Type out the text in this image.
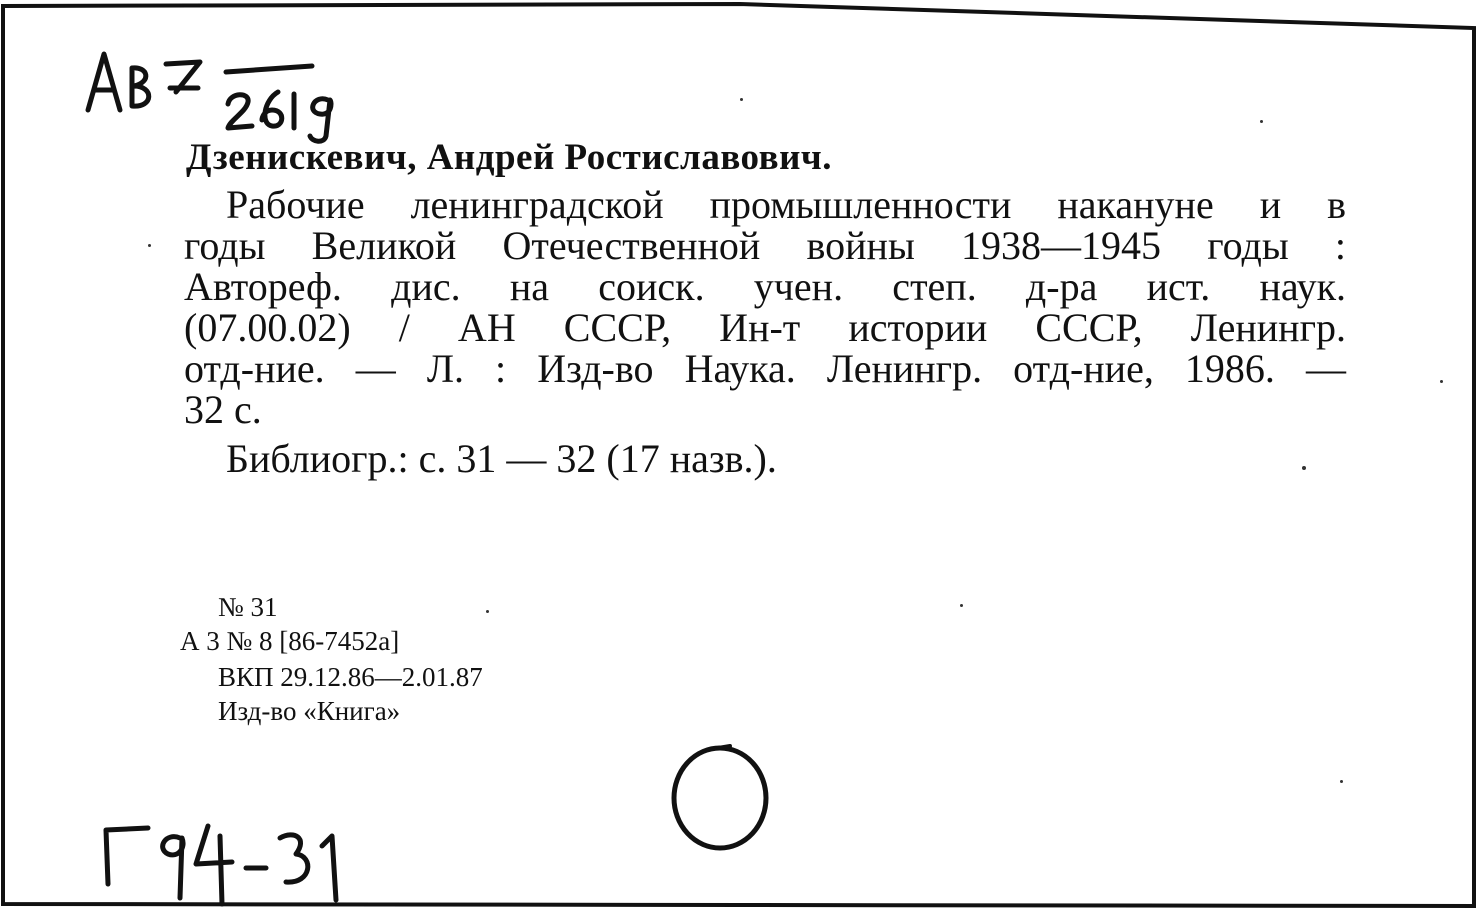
Дзенискевич, Андрей Ростиславович.
Рабочие ленинградской промышленности накануне и в
годы Великой Отечественной войны 1938—1945 годы :
Автореф. дис. на соиск. учен. степ. д-ра ист. наук.
(07.00.02) / АН СССР, Ин-т истории СССР, Ленингр.
отд-ние. — Л. : Изд-во Наука. Ленингр. отд-ние, 1986. —
32 с.
Библиогр.: с. 31 — 32 (17 назв.).
№ 31
А 3 № 8 [86-7452а]
ВКП 29.12.86—2.01.87
Изд-во «Книга»
